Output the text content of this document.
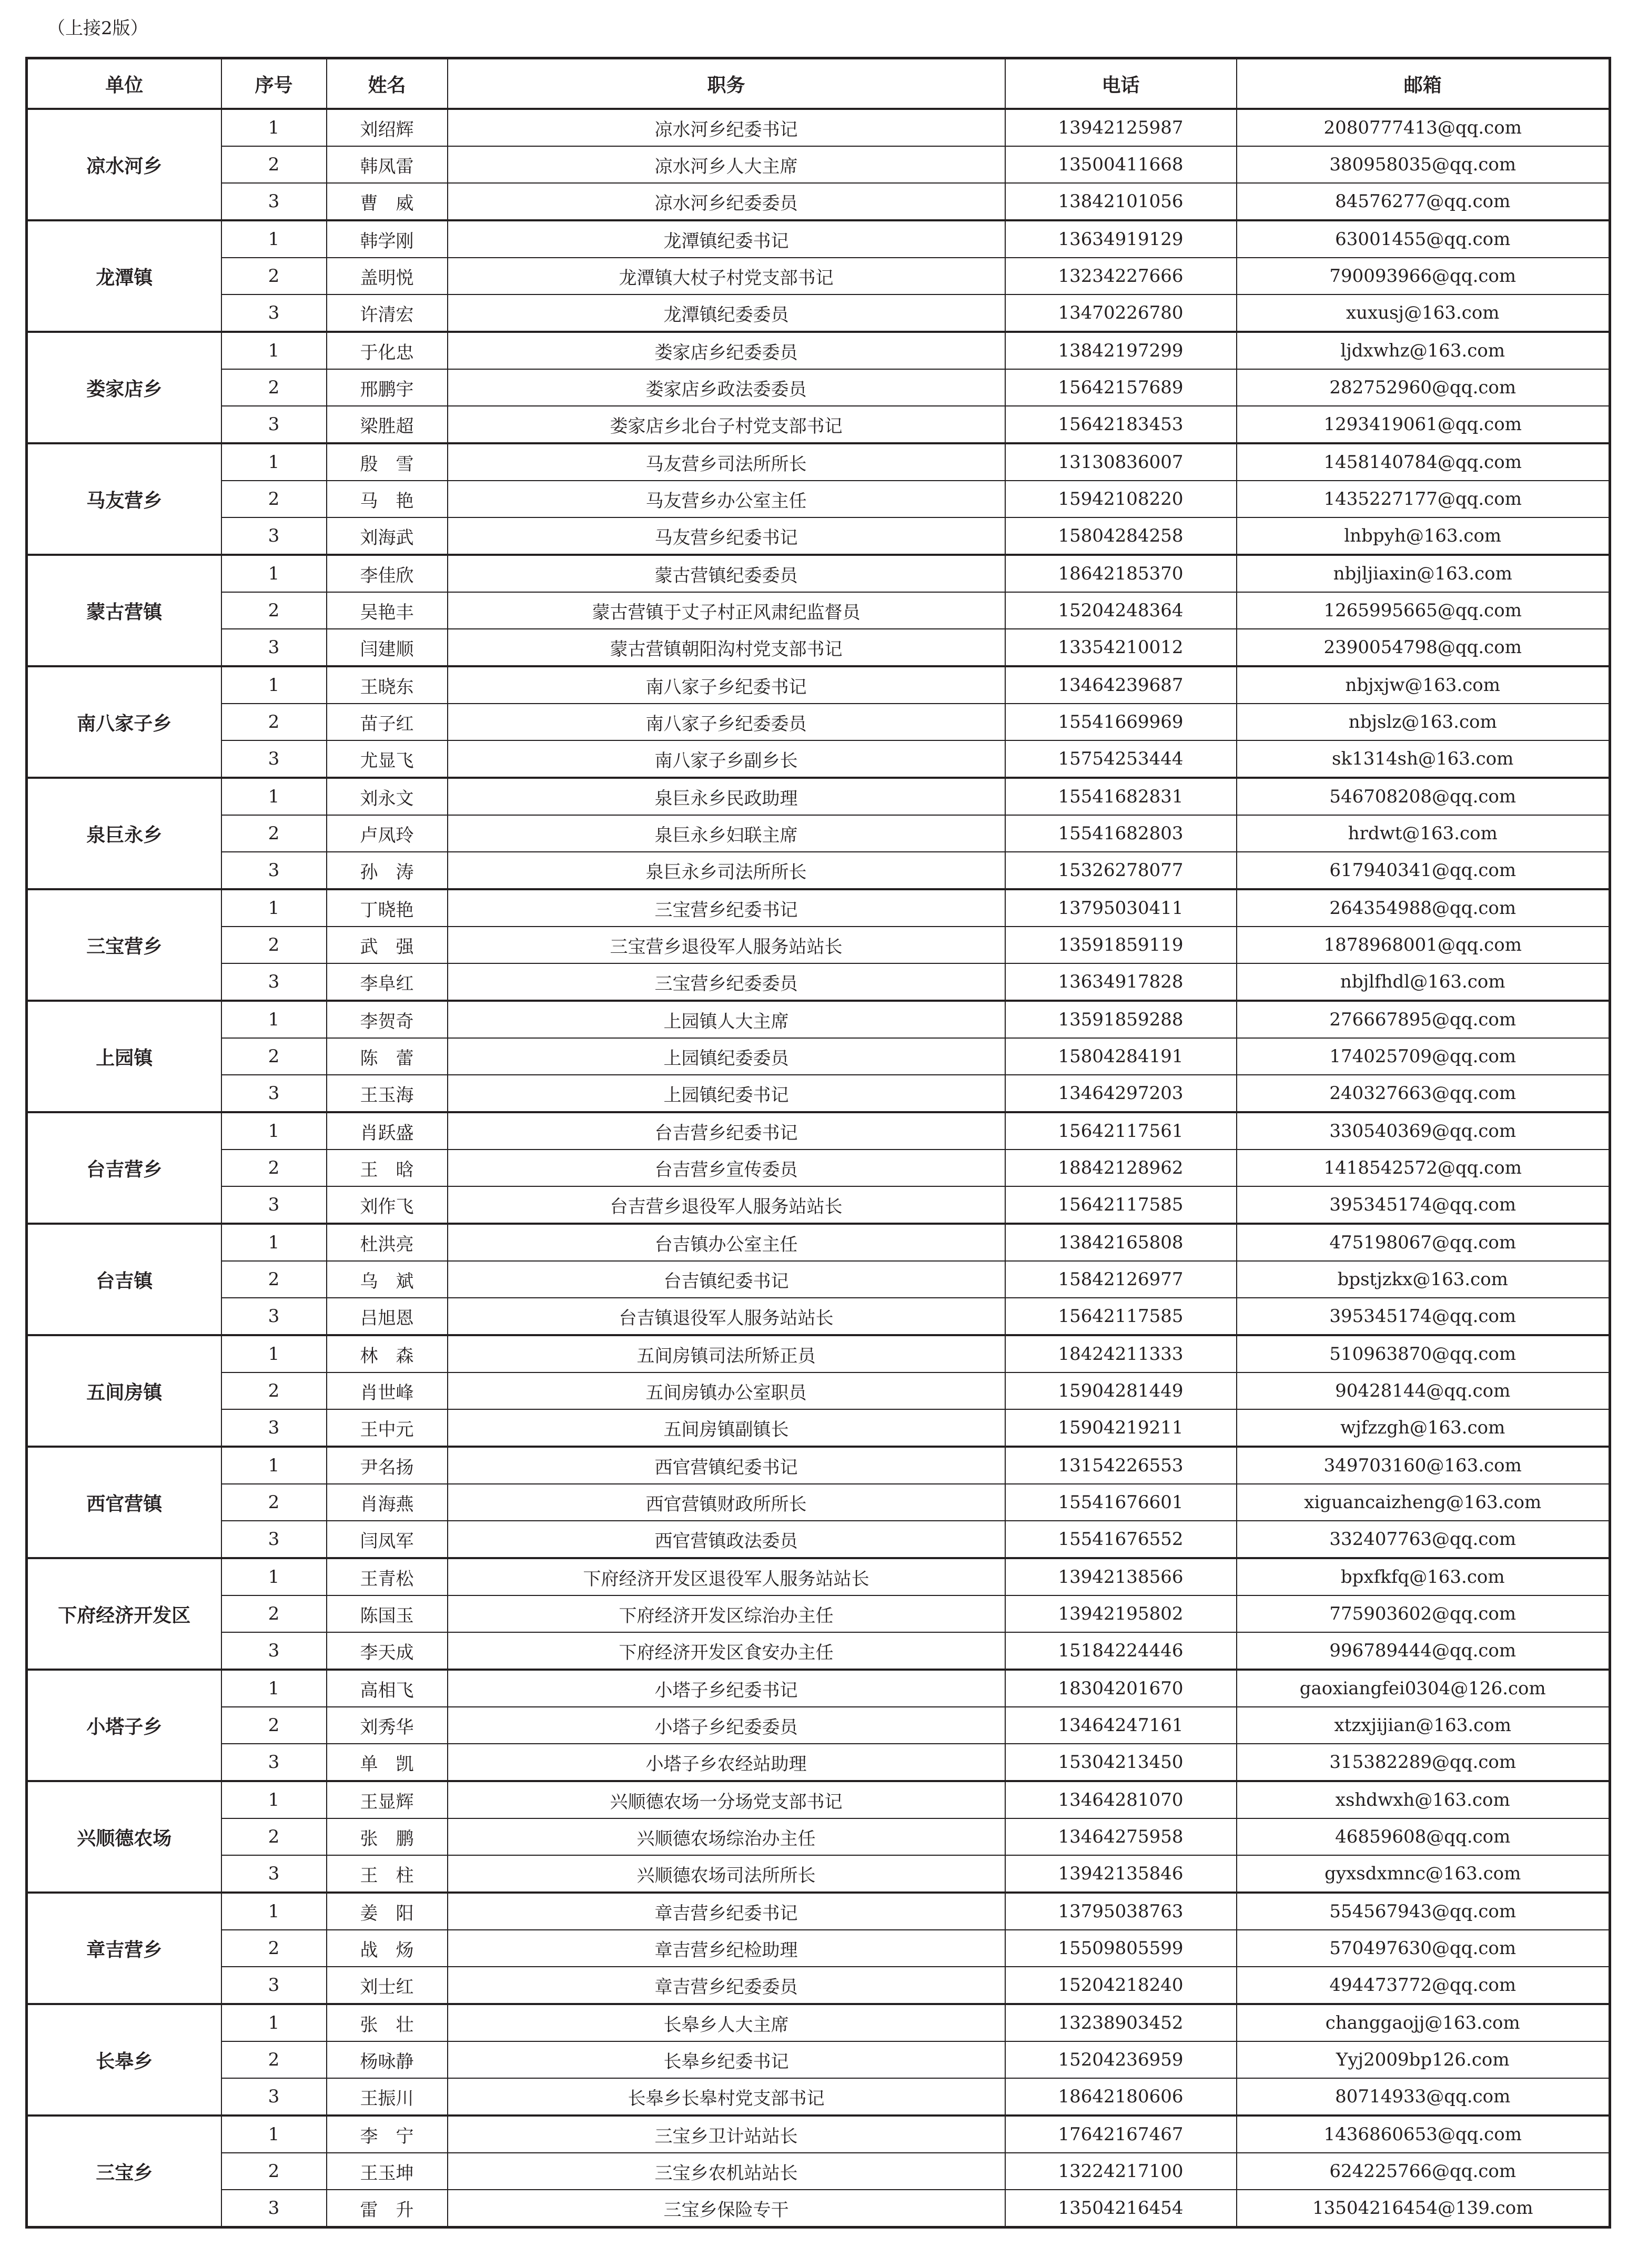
（上接2版）
单位	序号	姓名	职务	电话	邮箱
凉水河乡	1	刘绍辉	凉水河乡纪委书记	13942125987	2080777413@qq.com
	2	韩凤雷	凉水河乡人大主席	13500411668	380958035@qq.com
	3	曹　威	凉水河乡纪委委员	13842101056	84576277@qq.com
龙潭镇	1	韩学刚	龙潭镇纪委书记	13634919129	63001455@qq.com
	2	盖明悦	龙潭镇大杖子村党支部书记	13234227666	790093966@qq.com
	3	许清宏	龙潭镇纪委委员	13470226780	xuxusj@163.com
娄家店乡	1	于化忠	娄家店乡纪委委员	13842197299	ljdxwhz@163.com
	2	邢鹏宇	娄家店乡政法委委员	15642157689	282752960@qq.com
	3	梁胜超	娄家店乡北台子村党支部书记	15642183453	1293419061@qq.com
马友营乡	1	殷　雪	马友营乡司法所所长	13130836007	1458140784@qq.com
	2	马　艳	马友营乡办公室主任	15942108220	1435227177@qq.com
	3	刘海武	马友营乡纪委书记	15804284258	lnbpyh@163.com
蒙古营镇	1	李佳欣	蒙古营镇纪委委员	18642185370	nbjljiaxin@163.com
	2	吴艳丰	蒙古营镇于丈子村正风肃纪监督员	15204248364	1265995665@qq.com
	3	闫建顺	蒙古营镇朝阳沟村党支部书记	13354210012	2390054798@qq.com
南八家子乡	1	王晓东	南八家子乡纪委书记	13464239687	nbjxjw@163.com
	2	苗子红	南八家子乡纪委委员	15541669969	nbjslz@163.com
	3	尤显飞	南八家子乡副乡长	15754253444	sk1314sh@163.com
泉巨永乡	1	刘永文	泉巨永乡民政助理	15541682831	546708208@qq.com
	2	卢凤玲	泉巨永乡妇联主席	15541682803	hrdwt@163.com
	3	孙　涛	泉巨永乡司法所所长	15326278077	617940341@qq.com
三宝营乡	1	丁晓艳	三宝营乡纪委书记	13795030411	264354988@qq.com
	2	武　强	三宝营乡退役军人服务站站长	13591859119	1878968001@qq.com
	3	李阜红	三宝营乡纪委委员	13634917828	nbjlfhdl@163.com
上园镇	1	李贺奇	上园镇人大主席	13591859288	276667895@qq.com
	2	陈　蕾	上园镇纪委委员	15804284191	174025709@qq.com
	3	王玉海	上园镇纪委书记	13464297203	240327663@qq.com
台吉营乡	1	肖跃盛	台吉营乡纪委书记	15642117561	330540369@qq.com
	2	王　晗	台吉营乡宣传委员	18842128962	1418542572@qq.com
	3	刘作飞	台吉营乡退役军人服务站站长	15642117585	395345174@qq.com
台吉镇	1	杜洪亮	台吉镇办公室主任	13842165808	475198067@qq.com
	2	乌　斌	台吉镇纪委书记	15842126977	bpstjzkx@163.com
	3	吕旭恩	台吉镇退役军人服务站站长	15642117585	395345174@qq.com
五间房镇	1	林　森	五间房镇司法所矫正员	18424211333	510963870@qq.com
	2	肖世峰	五间房镇办公室职员	15904281449	90428144@qq.com
	3	王中元	五间房镇副镇长	15904219211	wjfzzgh@163.com
西官营镇	1	尹名扬	西官营镇纪委书记	13154226553	349703160@163.com
	2	肖海燕	西官营镇财政所所长	15541676601	xiguancaizheng@163.com
	3	闫凤军	西官营镇政法委员	15541676552	332407763@qq.com
下府经济开发区	1	王青松	下府经济开发区退役军人服务站站长	13942138566	bpxfkfq@163.com
	2	陈国玉	下府经济开发区综治办主任	13942195802	775903602@qq.com
	3	李天成	下府经济开发区食安办主任	15184224446	996789444@qq.com
小塔子乡	1	高相飞	小塔子乡纪委书记	18304201670	gaoxiangfei0304@126.com
	2	刘秀华	小塔子乡纪委委员	13464247161	xtzxjijian@163.com
	3	单　凯	小塔子乡农经站助理	15304213450	315382289@qq.com
兴顺德农场	1	王显辉	兴顺德农场一分场党支部书记	13464281070	xshdwxh@163.com
	2	张　鹏	兴顺德农场综治办主任	13464275958	46859608@qq.com
	3	王　柱	兴顺德农场司法所所长	13942135846	gyxsdxmnc@163.com
章吉营乡	1	姜　阳	章吉营乡纪委书记	13795038763	554567943@qq.com
	2	战　炀	章吉营乡纪检助理	15509805599	570497630@qq.com
	3	刘士红	章吉营乡纪委委员	15204218240	494473772@qq.com
长皋乡	1	张　壮	长皋乡人大主席	13238903452	changgaojj@163.com
	2	杨咏静	长皋乡纪委书记	15204236959	Yyj2009bp126.com
	3	王振川	长皋乡长皋村党支部书记	18642180606	80714933@qq.com
三宝乡	1	李　宁	三宝乡卫计站站长	17642167467	1436860653@qq.com
	2	王玉坤	三宝乡农机站站长	13224217100	624225766@qq.com
	3	雷　升	三宝乡保险专干	13504216454	13504216454@139.com
